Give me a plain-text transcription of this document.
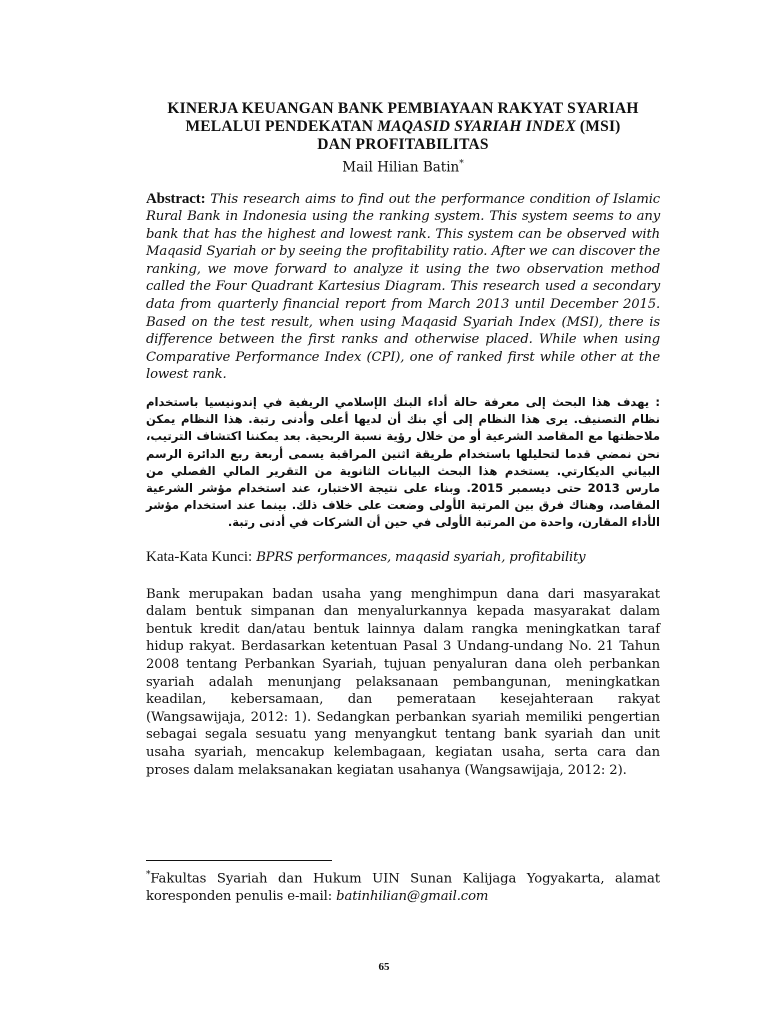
KINERJA KEUANGAN BANK PEMBIAYAAN RAKYAT SYARIAH
MELALUI PENDEKATAN MAQASID SYARIAH INDEX (MSI)
DAN PROFITABILITAS
Mail Hilian Batin*
Abstract: This research aims to find out the performance condition of Islamic Rural Bank in Indonesia using the ranking system. This system seems to any bank that has the highest and lowest rank. This system can be observed with Maqasid Syariah or by seeing the profitability ratio. After we can discover the ranking, we move forward to analyze it using the two observation method called the Four Quadrant Kartesius Diagram. This research used a secondary data from quarterly financial report from March 2013 until December 2015. Based on the test result, when using Maqasid Syariah Index (MSI), there is difference between the first ranks and otherwise placed. While when using Comparative Performance Index (CPI), one of ranked first while other at the lowest rank.
: يهدف هذا البحث إلى معرفة حالة أداء البنك الإسلامي الريفية في إندونيسيا باستخدام نظام التصنيف. يرى هذا النظام إلى أي بنك أن لديها أعلى وأدنى رتبة. هذا النظام يمكن ملاحظتها مع المقاصد الشرعية أو من خلال رؤية نسبة الربحية. بعد يمكننا اكتشاف الترتيب، نحن نمضي قدما لتحليلها باستخدام طريقة اثنين المراقبة يسمى أربعة ربع الدائرة الرسم البياني الديكارتي. يستخدم هذا البحث البيانات الثانوية من التقرير المالي الفصلي من مارس 2013 حتى ديسمبر 2015. وبناء على نتيجة الاختبار، عند استخدام مؤشر الشرعية المقاصد، وهناك فرق بين المرتبة الأولى وضعت على خلاف ذلك. بينما عند استخدام مؤشر الأداء المقارن، واحدة من المرتبة الأولى في حين أن الشركات في أدنى رتبة.
Kata-Kata Kunci: BPRS performances, maqasid syariah, profitability
Bank merupakan badan usaha yang menghimpun dana dari masyarakat dalam bentuk simpanan dan menyalurkannya kepada masyarakat dalam bentuk kredit dan/atau bentuk lainnya dalam rangka meningkatkan taraf hidup rakyat. Berdasarkan ketentuan Pasal 3 Undang-undang No. 21 Tahun 2008 tentang Perbankan Syariah, tujuan penyaluran dana oleh perbankan syariah adalah menunjang pelaksanaan pembangunan, meningkatkan keadilan, kebersamaan, dan pemerataan kesejahteraan rakyat (Wangsawijaja, 2012: 1). Sedangkan perbankan syariah memiliki pengertian sebagai segala sesuatu yang menyangkut tentang bank syariah dan unit usaha syariah, mencakup kelembagaan, kegiatan usaha, serta cara dan proses dalam melaksanakan kegiatan usahanya (Wangsawijaja, 2012: 2).
*Fakultas Syariah dan Hukum UIN Sunan Kalijaga Yogyakarta, alamat koresponden penulis e-mail: batinhilian@gmail.com
65
